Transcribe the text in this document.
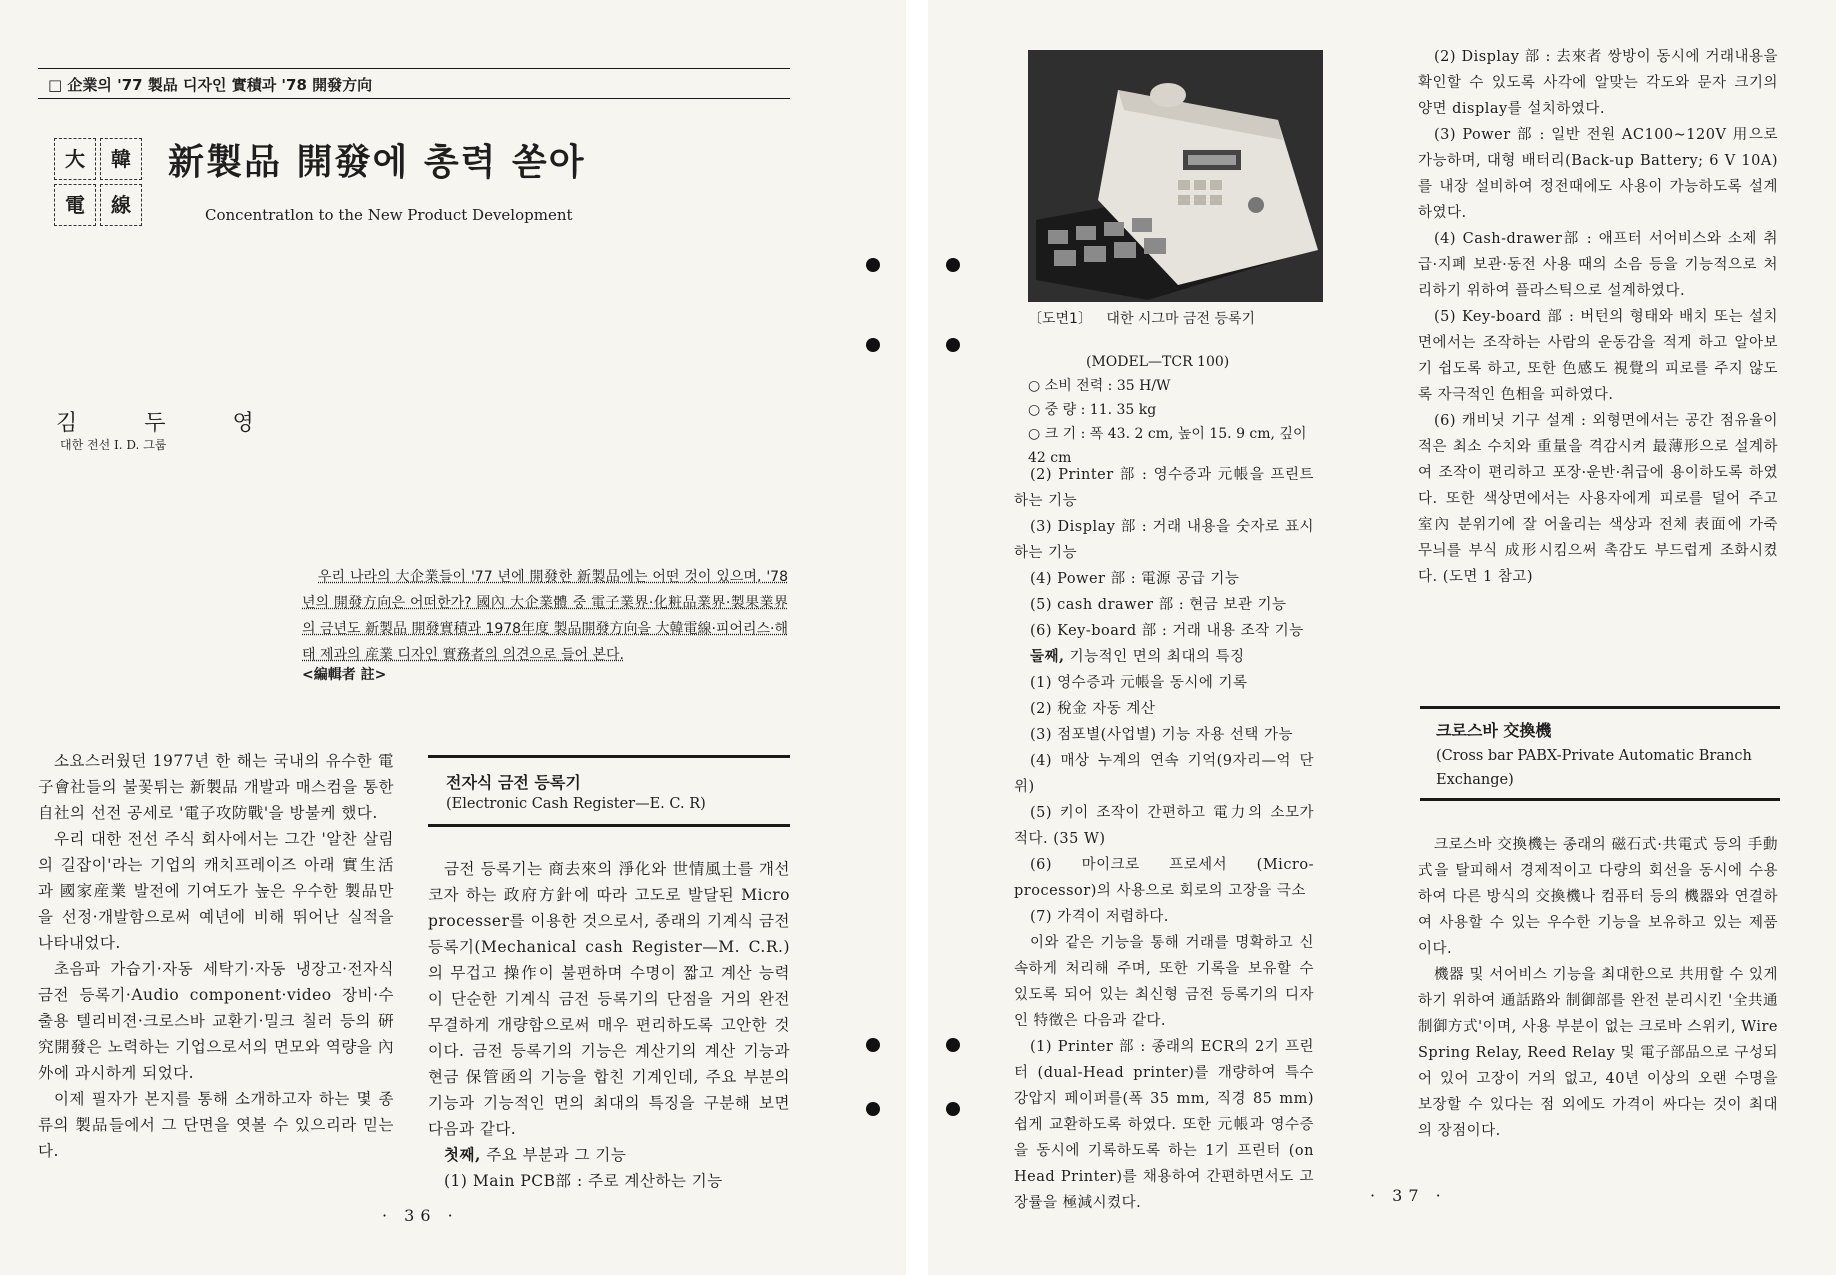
□ 企業의 '77 製品 디자인 實積과 '78 開發方向
大	韓
電	線
新製品 開發에 총력 쏟아
Concentratlon to the New Product Development
김 두 영
대한 전선 I. D. 그룹
우리 나라의 大企業들이 '77 년에 開發한 新製品에는 어떤 것이 있으며, '78 년의 開發方向은 어떠한가? 國內 大企業體 중 電子業界·化粧品業界·製果業界의 금년도 新製品 開發實積과 1978年度 製品開發方向을 大韓電線·피어리스·해태 제과의 産業 디자인 實務者의 의견으로 들어 본다.
<編輯者 註>

소요스러웠던 1977년 한 해는 국내의 유수한 電子會社들의 불꽃튀는 新製品 개발과 매스컴을 통한 自社의 선전 공세로 '電子攻防戰'을 방불케 했다.

우리 대한 전선 주식 회사에서는 그간 '알찬 살림의 길잡이'라는 기업의 캐치프레이즈 아래 實生活과 國家産業 발전에 기여도가 높은 우수한 製品만을 선정·개발함으로써 예년에 비해 뛰어난 실적을 나타내었다.

초음파 가습기·자동 세탁기·자동 냉장고·전자식 금전 등록기·Audio component·video 장비·수출용 텔리비젼·크로스바 교환기·밀크 칠러 등의 硏究開發은 노력하는 기업으로서의 면모와 역량을 內外에 과시하게 되었다.

이제 필자가 본지를 통해 소개하고자 하는 몇 종류의 製品들에서 그 단면을 엿볼 수 있으리라 믿는다.

전자식 금전 등록기
(Electronic Cash Register—E. C. R)

금전 등록기는 商去來의 淨化와 世情風土를 개선코자 하는 政府方針에 따라 고도로 발달된 Micro processer를 이용한 것으로서, 종래의 기계식 금전 등록기(Mechanical cash Register—M. C.R.)의 무겁고 操作이 불편하며 수명이 짧고 계산 능력이 단순한 기계식 금전 등록기의 단점을 거의 완전 무결하게 개량함으로써 매우 편리하도록 고안한 것이다. 금전 등록기의 기능은 계산기의 계산 기능과 현금 保管函의 기능을 합친 기계인데, 주요 부분의 기능과 기능적인 면의 최대의 특징을 구분해 보면 다음과 같다.

첫째, 주요 부분과 그 기능

(1) Main PCB部 : 주로 계산하는 기능

· 36 ·
〔도면1〕 대한 시그마 금전 등록기
(MODEL—TCR 100)
○ 소비 전력 : 35 H/W
○ 중 량 : 11. 35 kg
○ 크 기 : 폭 43. 2 cm, 높이 15. 9 cm, 깊이 42 cm

(2) Printer 部 : 영수증과 元帳을 프린트하는 기능

(3) Display 部 : 거래 내용을 숫자로 표시하는 기능

(4) Power 部 : 電源 공급 기능

(5) cash drawer 部 : 현금 보관 기능

(6) Key-board 部 : 거래 내용 조작 기능

둘째, 기능적인 면의 최대의 특징

(1) 영수증과 元帳을 동시에 기록

(2) 稅金 자동 계산

(3) 점포별(사업별) 기능 자용 선택 가능

(4) 매상 누계의 연속 기억(9자리—억 단위)

(5) 키이 조작이 간편하고 電力의 소모가 적다. (35 W)

(6) 마이크로 프로세서 (Micro-processor)의 사용으로 회로의 고장을 극소

(7) 가격이 저렴하다.

이와 같은 기능을 통해 거래를 명확하고 신속하게 처리해 주며, 또한 기록을 보유할 수 있도록 되어 있는 최신형 금전 등록기의 디자인 特徵은 다음과 같다.

(1) Printer 部 : 종래의 ECR의 2기 프린터 (dual-Head printer)를 개량하여 특수 강압지 페이퍼를(폭 35 mm, 직경 85 mm) 쉽게 교환하도록 하였다. 또한 元帳과 영수증을 동시에 기록하도록 하는 1기 프린터 (on Head Printer)를 채용하여 간편하면서도 고장률을 極減시켰다.

(2) Display 部 : 去來者 쌍방이 동시에 거래내용을 확인할 수 있도록 사각에 알맞는 각도와 문자 크기의 양면 display를 설치하였다.

(3) Power 部 : 일반 전원 AC100∼120V 用으로 가능하며, 대형 배터리(Back-up Battery; 6 V 10A)를 내장 설비하여 정전때에도 사용이 가능하도록 설계하였다.

(4) Cash-drawer部 : 애프터 서어비스와 소제 취급·지폐 보관·동전 사용 때의 소음 등을 기능적으로 처리하기 위하여 플라스틱으로 설계하였다.

(5) Key-board 部 : 버턴의 형태와 배치 또는 설치면에서는 조작하는 사람의 운동감을 적게 하고 알아보기 쉽도록 하고, 또한 色感도 視覺의 피로를 주지 않도록 자극적인 色相을 피하였다.

(6) 캐비닛 기구 설계 : 외형면에서는 공간 점유율이 적은 최소 수치와 重量을 격감시켜 最薄形으로 설계하여 조작이 편리하고 포장·운반·취급에 용이하도록 하였다. 또한 색상면에서는 사용자에게 피로를 덜어 주고 室內 분위기에 잘 어울리는 색상과 전체 表面에 가죽 무늬를 부식 成形시킴으써 촉감도 부드럽게 조화시켰다. (도면 1 참고)

크로스바 交換機
(Cross bar PABX-Private Automatic Branch Exchange)

크로스바 交換機는 종래의 磁石式·共電式 등의 手動式을 탈피해서 경제적이고 다량의 회선을 동시에 수용하여 다른 방식의 交換機나 컴퓨터 등의 機器와 연결하여 사용할 수 있는 우수한 기능을 보유하고 있는 제품이다.

機器 및 서어비스 기능을 최대한으로 共用할 수 있게 하기 위하여 通話路와 制御部를 완전 분리시킨 '全共通 制御方式'이며, 사용 부분이 없는 크로바 스위키, Wire Spring Relay, Reed Relay 및 電子部品으로 구성되어 있어 고장이 거의 없고, 40년 이상의 오랜 수명을 보장할 수 있다는 점 외에도 가격이 싸다는 것이 최대의 장점이다.

· 37 ·
